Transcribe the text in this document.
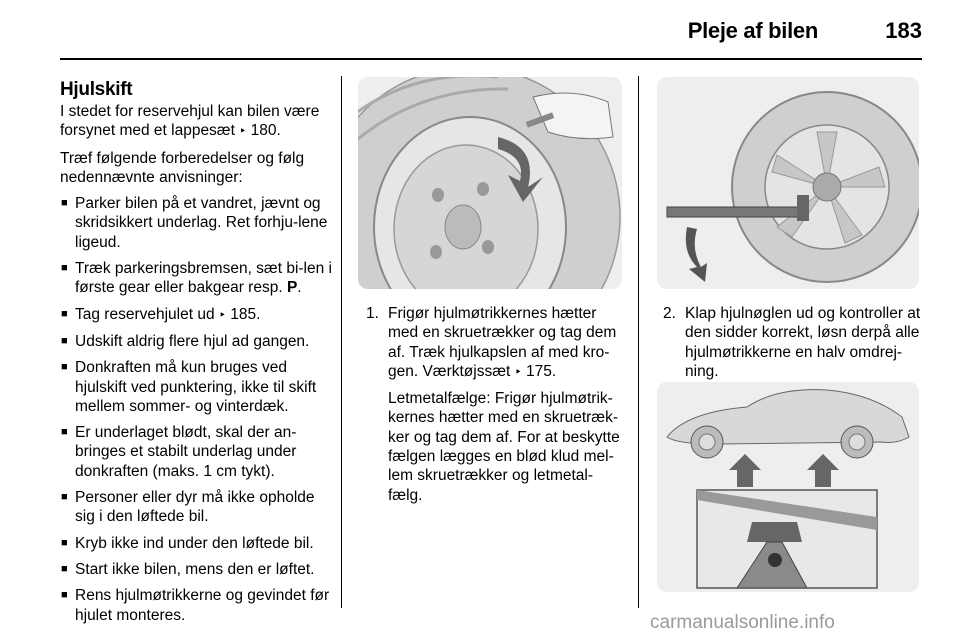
Pleje af bilen	183
Hjulskift

I stedet for reservehjul kan bilen være forsynet med et lappesæt ‣ 180.

Træf følgende forberedelser og følg nedennævnte anvisninger:

■ Parker bilen på et vandret, jævnt og skridsikkert underlag. Ret forhju-lene ligeud.
■ Træk parkeringsbremsen, sæt bi-len i første gear eller bakgear resp. P.
■ Tag reservehjulet ud ‣ 185.
■ Udskift aldrig flere hjul ad gangen.
■ Donkraften må kun bruges ved hjulskift ved punktering, ikke til skift mellem sommer- og vinterdæk.
■ Er underlaget blødt, skal der an-bringes et stabilt underlag under donkraften (maks. 1 cm tykt).
■ Personer eller dyr må ikke opholde sig i den løftede bil.
■ Kryb ikke ind under den løftede bil.
■ Start ikke bilen, mens den er løftet.
■ Rens hjulmøtrikkerne og gevindet før hjulet monteres.
1. Frigør hjulmøtrikkernes hætter med en skruetrækker og tag dem af. Træk hjulkapslen af med kro-gen. Værktøjssæt ‣ 175.

Letmetalfælge: Frigør hjulmøtrik-kernes hætter med en skruetræk-ker og tag dem af. For at beskytte fælgen lægges en blød klud mel-lem skruetrækker og letmetal-fælg.

2. Klap hjulnøglen ud og kontroller at den sidder korrekt, løsn derpå alle hjulmøtrikkerne en halv omdrej-ning.

carmanualsonline.info
